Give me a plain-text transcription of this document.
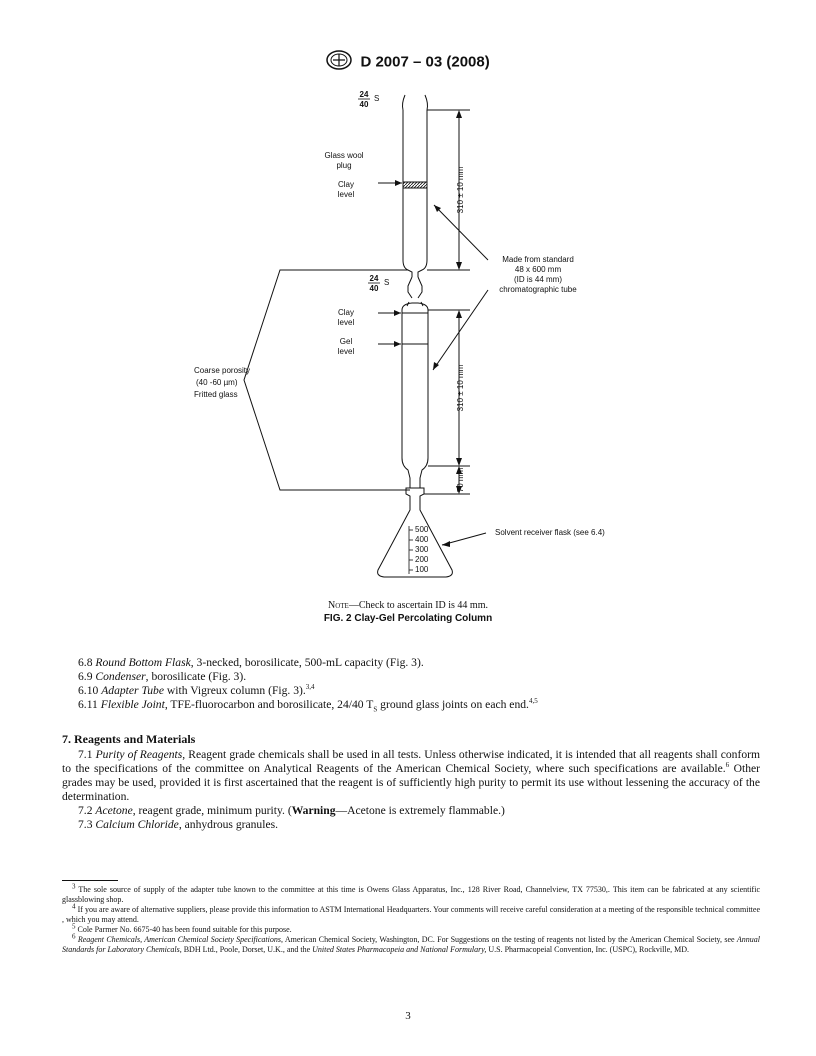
D 2007 – 03 (2008)
24
40
S
24
40
S
Glass wool
plug
Clay
level
Clay
level
Gel
level
Coarse porosity
(40 -60 µm)
Fritted glass
Made from standard
48 x 600 mm
(ID is 44 mm)
chromatographic tube
Solvent receiver flask (see 6.4)
310 ± 10 mm
310 ± 10 mm
70 mm
500
400
300
200
100
Note—Check to ascertain ID is 44 mm.
FIG. 2 Clay-Gel Percolating Column

6.8 Round Bottom Flask, 3-necked, borosilicate, 500-mL capacity (Fig. 3).

6.9 Condenser, borosilicate (Fig. 3).

6.10 Adapter Tube with Vigreux column (Fig. 3).$^{3,4}$

6.11 Flexible Joint, TFE-fluorocarbon and borosilicate, 24/40 $T_S$ ground glass joints on each end.$^{4,5}$

7. Reagents and Materials

7.1 Purity of Reagents, Reagent grade chemicals shall be used in all tests. Unless otherwise indicated, it is intended that all reagents shall conform to the specifications of the committee on Analytical Reagents of the American Chemical Society, where such specifications are available.$^6$ Other grades may be used, provided it is first ascertained that the reagent is of sufficiently high purity to permit its use without lessening the accuracy of the determination.

7.2 Acetone, reagent grade, minimum purity. (Warning—Acetone is extremely flammable.)

7.3 Calcium Chloride, anhydrous granules.

$^3$ The sole source of supply of the adapter tube known to the committee at this time is Owens Glass Apparatus, Inc., 128 River Road, Channelview, TX 77530,. This item can be fabricated at any scientific glassblowing shop.

$^4$ If you are aware of alternative suppliers, please provide this information to ASTM International Headquarters. Your comments will receive careful consideration at a meeting of the responsible technical committee , which you may attend.

$^5$ Cole Parmer No. 6675-40 has been found suitable for this purpose.

$^6$ Reagent Chemicals, American Chemical Society Specifications, American Chemical Society, Washington, DC. For Suggestions on the testing of reagents not listed by the American Chemical Society, see Annual Standards for Laboratory Chemicals, BDH Ltd., Poole, Dorset, U.K., and the United States Pharmacopeia and National Formulary, U.S. Pharmacopeial Convention, Inc. (USPC), Rockville, MD.

3
